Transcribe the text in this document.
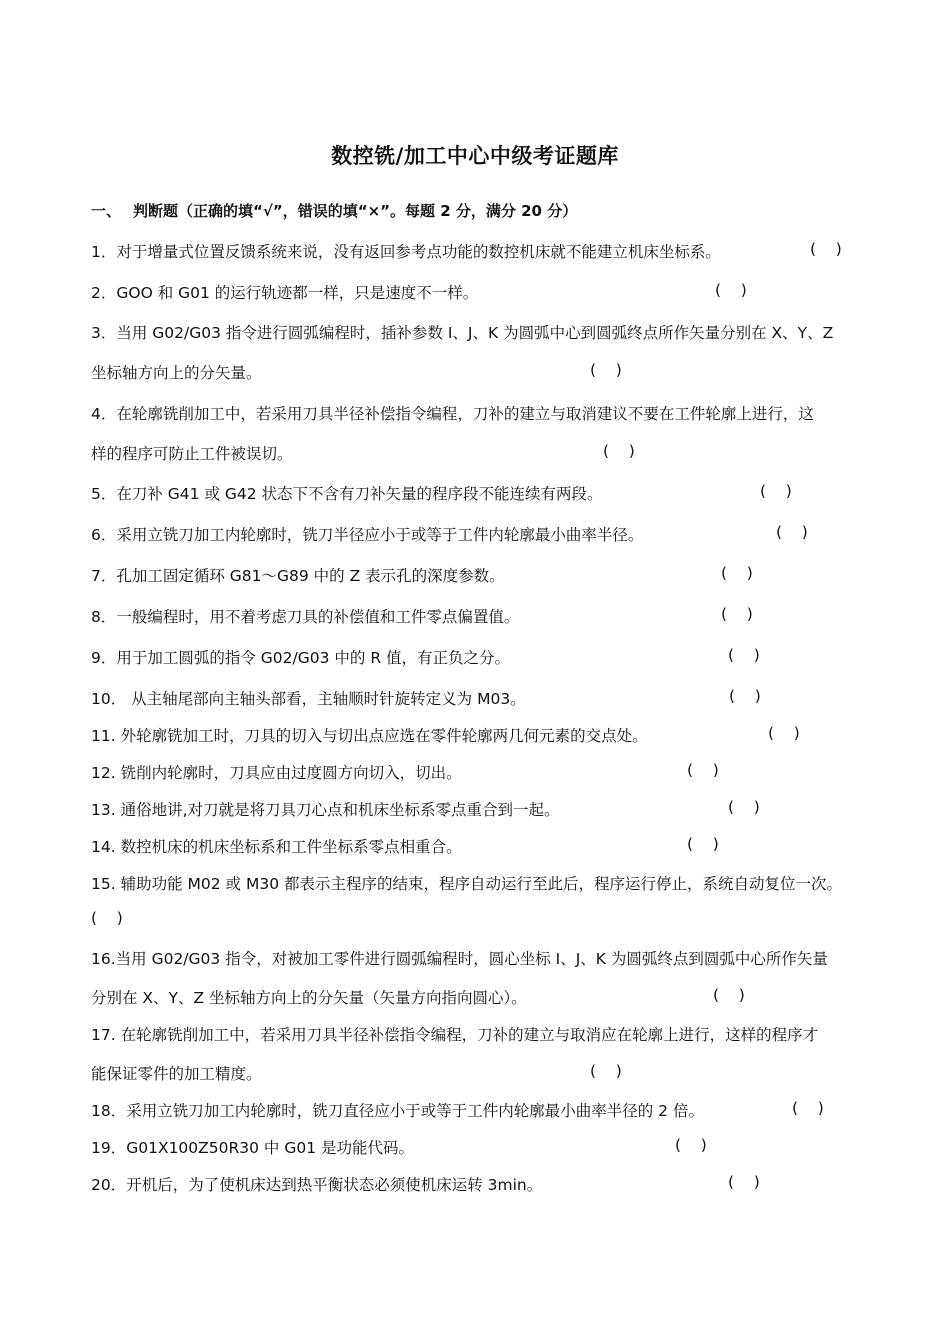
数控铣/加工中心中级考证题库
一、 判断题（正确的填“√”，错误的填“×”。每题 2 分，满分 20 分）
1．对于增量式位置反馈系统来说，没有返回参考点功能的数控机床就不能建立机床坐标系。	(    )
2．GOO 和 G01 的运行轨迹都一样，只是速度不一样。	(    )
3．当用 G02/G03 指令进行圆弧编程时，插补参数 I、J、K 为圆弧中心到圆弧终点所作矢量分别在 X、Y、Z
坐标轴方向上的分矢量。	(    )
4．在轮廓铣削加工中，若采用刀具半径补偿指令编程，刀补的建立与取消建议不要在工件轮廓上进行，这
样的程序可防止工件被误切。	(    )
5．在刀补 G41 或 G42 状态下不含有刀补矢量的程序段不能连续有两段。	(    )
6．采用立铣刀加工内轮廓时，铣刀半径应小于或等于工件内轮廓最小曲率半径。	(    )
7．孔加工固定循环 G81～G89 中的 Z 表示孔的深度参数。	(    )
8．一般编程时，用不着考虑刀具的补偿值和工件零点偏置值。	(    )
9．用于加工圆弧的指令 G02/G03 中的 R 值，有正负之分。	(    )
10． 从主轴尾部向主轴头部看，主轴顺时针旋转定义为 M03。	(    )
11. 外轮廓铣加工时，刀具的切入与切出点应选在零件轮廓两几何元素的交点处。	(    )
12. 铣削内轮廓时，刀具应由过度圆方向切入，切出。	(    )
13. 通俗地讲,对刀就是将刀具刀心点和机床坐标系零点重合到一起。	(    )
14. 数控机床的机床坐标系和工件坐标系零点相重合。	(    )
15. 辅助功能 M02 或 M30 都表示主程序的结束，程序自动运行至此后，程序运行停止，系统自动复位一次。
(    )
16.当用 G02/G03 指令，对被加工零件进行圆弧编程时，圆心坐标 I、J、K 为圆弧终点到圆弧中心所作矢量
分别在 X、Y、Z 坐标轴方向上的分矢量（矢量方向指向圆心）。	(    )
17. 在轮廓铣削加工中，若采用刀具半径补偿指令编程，刀补的建立与取消应在轮廓上进行，这样的程序才
能保证零件的加工精度。	(    )
18．采用立铣刀加工内轮廓时，铣刀直径应小于或等于工件内轮廓最小曲率半径的 2 倍。	(    )
19．G01X100Z50R30 中 G01 是功能代码。	(    )
20．开机后，为了使机床达到热平衡状态必须使机床运转 3min。	(    )
